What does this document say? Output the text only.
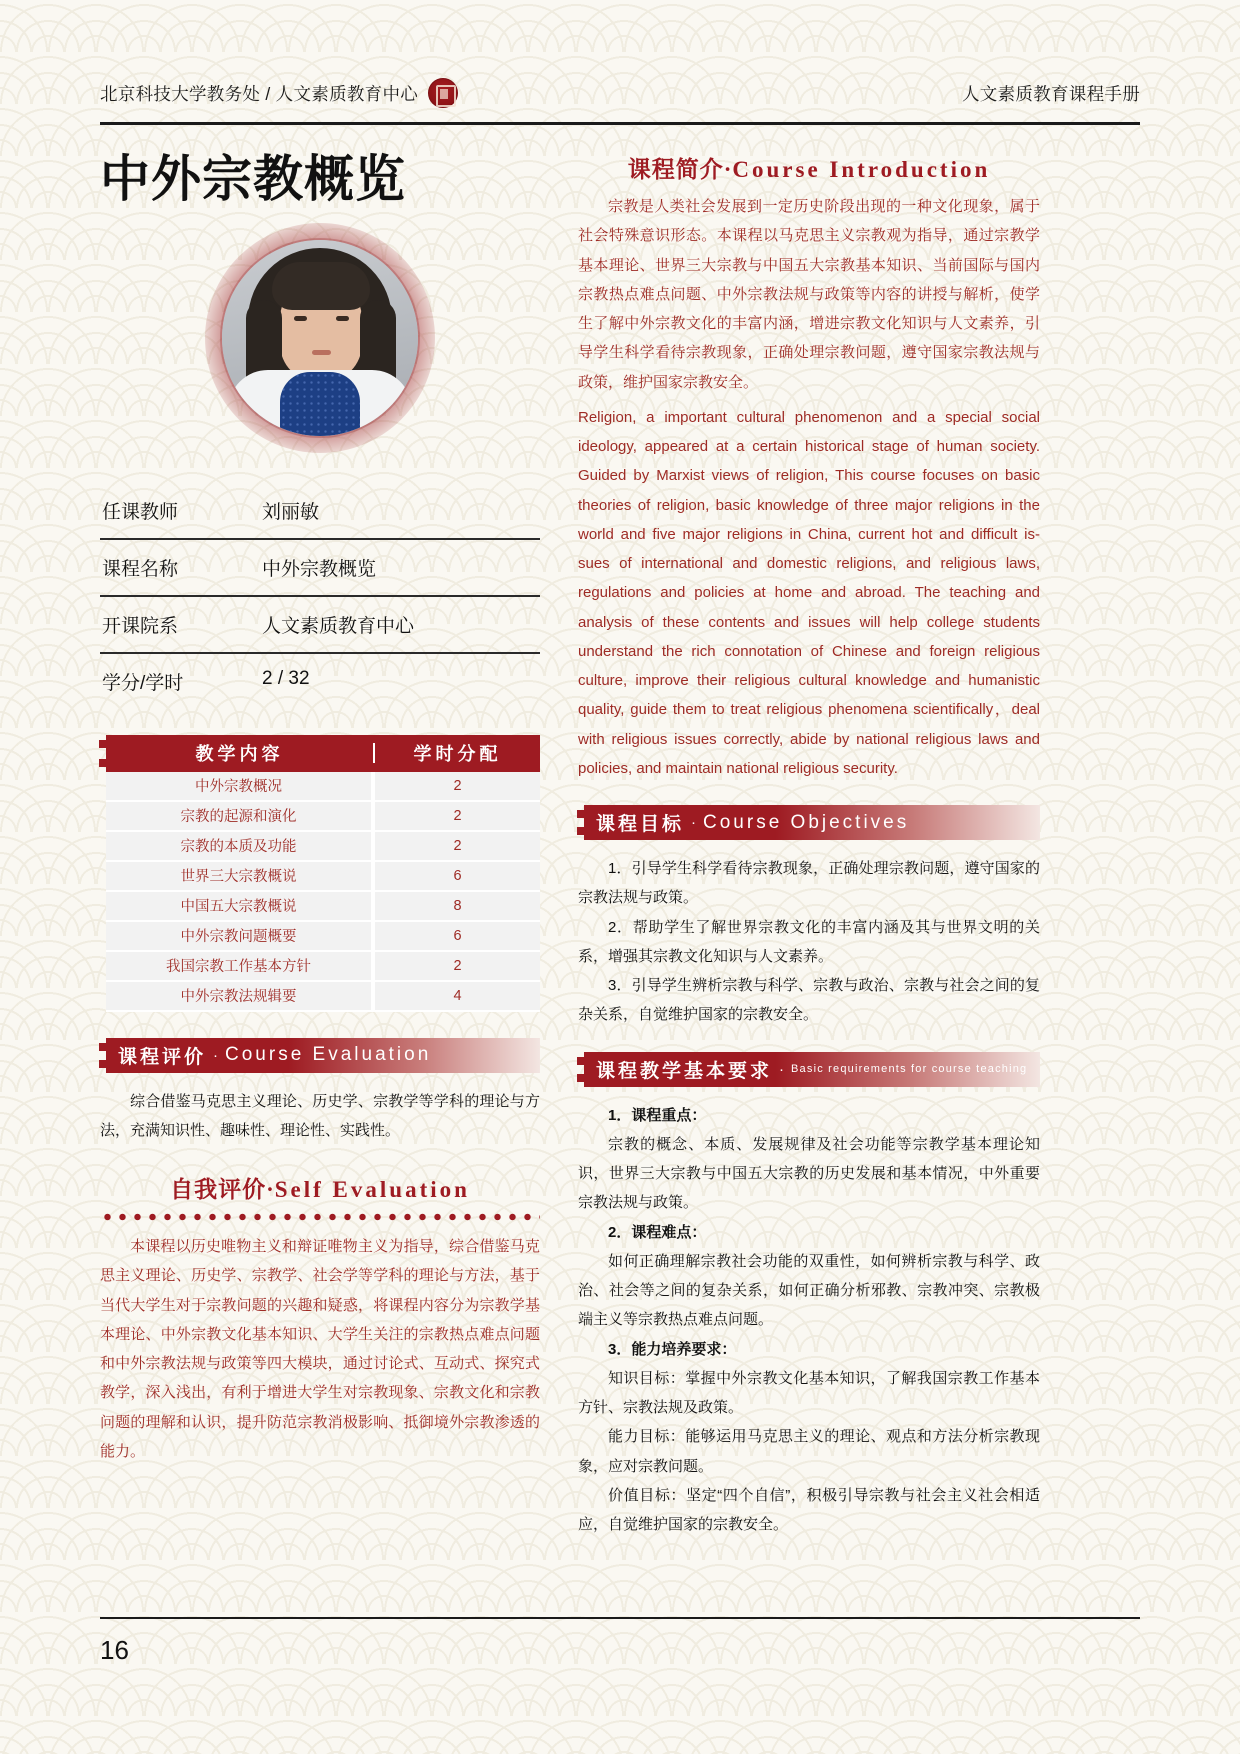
北京科技大学教务处 / 人文素质教育中心	人文素质教育课程手册
中外宗教概览
任课教师	刘丽敏
课程名称	中外宗教概览
开课院系	人文素质教育中心
学分/学时	2 / 32
教学内容	学时分配
中外宗教概况	2
宗教的起源和演化	2
宗教的本质及功能	2
世界三大宗教概说	6
中国五大宗教概说	8
中外宗教问题概要	6
我国宗教工作基本方针	2
中外宗教法规辑要	4
课程评价 · Course Evaluation

综合借鉴马克思主义理论、历史学、宗教学等学科的理论与方法，充满知识性、趣味性、理论性、实践性。

自我评价·Self Evaluation

本课程以历史唯物主义和辩证唯物主义为指导，综合借鉴马克思主义理论、历史学、宗教学、社会学等学科的理论与方法，基于当代大学生对于宗教问题的兴趣和疑惑，将课程内容分为宗教学基本理论、中外宗教文化基本知识、大学生关注的宗教热点难点问题和中外宗教法规与政策等四大模块，通过讨论式、互动式、探究式教学，深入浅出，有利于增进大学生对宗教现象、宗教文化和宗教问题的理解和认识，提升防范宗教消极影响、抵御境外宗教渗透的能力。

课程简介·Course Introduction

宗教是人类社会发展到一定历史阶段出现的一种文化现象，属于社会特殊意识形态。本课程以马克思主义宗教观为指导，通过宗教学基本理论、世界三大宗教与中国五大宗教基本知识、当前国际与国内宗教热点难点问题、中外宗教法规与政策等内容的讲授与解析，使学生了解中外宗教文化的丰富内涵，增进宗教文化知识与人文素养，引导学生科学看待宗教现象，正确处理宗教问题，遵守国家宗教法规与政策，维护国家宗教安全。

Religion, a important cultural phenomenon and a special social ideology, appeared at a certain historical stage of human society. Guided by Marxist views of religion, This course focuses on basic theories of religion, basic knowledge of three major religions in the world and five major religions in China, current hot and difficult is-sues of international and domestic religions, and religious laws, regulations and policies at home and abroad. The teaching and analysis of these contents and issues will help college students understand the rich connotation of Chinese and foreign religious culture, improve their religious cultural knowledge and humanistic quality, guide them to treat religious phenomena scientifically，deal with religious issues correctly, abide by national religious laws and policies, and maintain national religious security.

课程目标 · Course Objectives

1．引导学生科学看待宗教现象，正确处理宗教问题，遵守国家的宗教法规与政策。

2．帮助学生了解世界宗教文化的丰富内涵及其与世界文明的关系，增强其宗教文化知识与人文素养。

3．引导学生辨析宗教与科学、宗教与政治、宗教与社会之间的复杂关系，自觉维护国家的宗教安全。

课程教学基本要求 · Basic requirements for course teaching
1．课程重点：

宗教的概念、本质、发展规律及社会功能等宗教学基本理论知识，世界三大宗教与中国五大宗教的历史发展和基本情况，中外重要宗教法规与政策。

2．课程难点：

如何正确理解宗教社会功能的双重性，如何辨析宗教与科学、政治、社会等之间的复杂关系，如何正确分析邪教、宗教冲突、宗教极端主义等宗教热点难点问题。

3．能力培养要求：

知识目标：掌握中外宗教文化基本知识，了解我国宗教工作基本方针、宗教法规及政策。

能力目标：能够运用马克思主义的理论、观点和方法分析宗教现象，应对宗教问题。

价值目标：坚定“四个自信”，积极引导宗教与社会主义社会相适应，自觉维护国家的宗教安全。

16
